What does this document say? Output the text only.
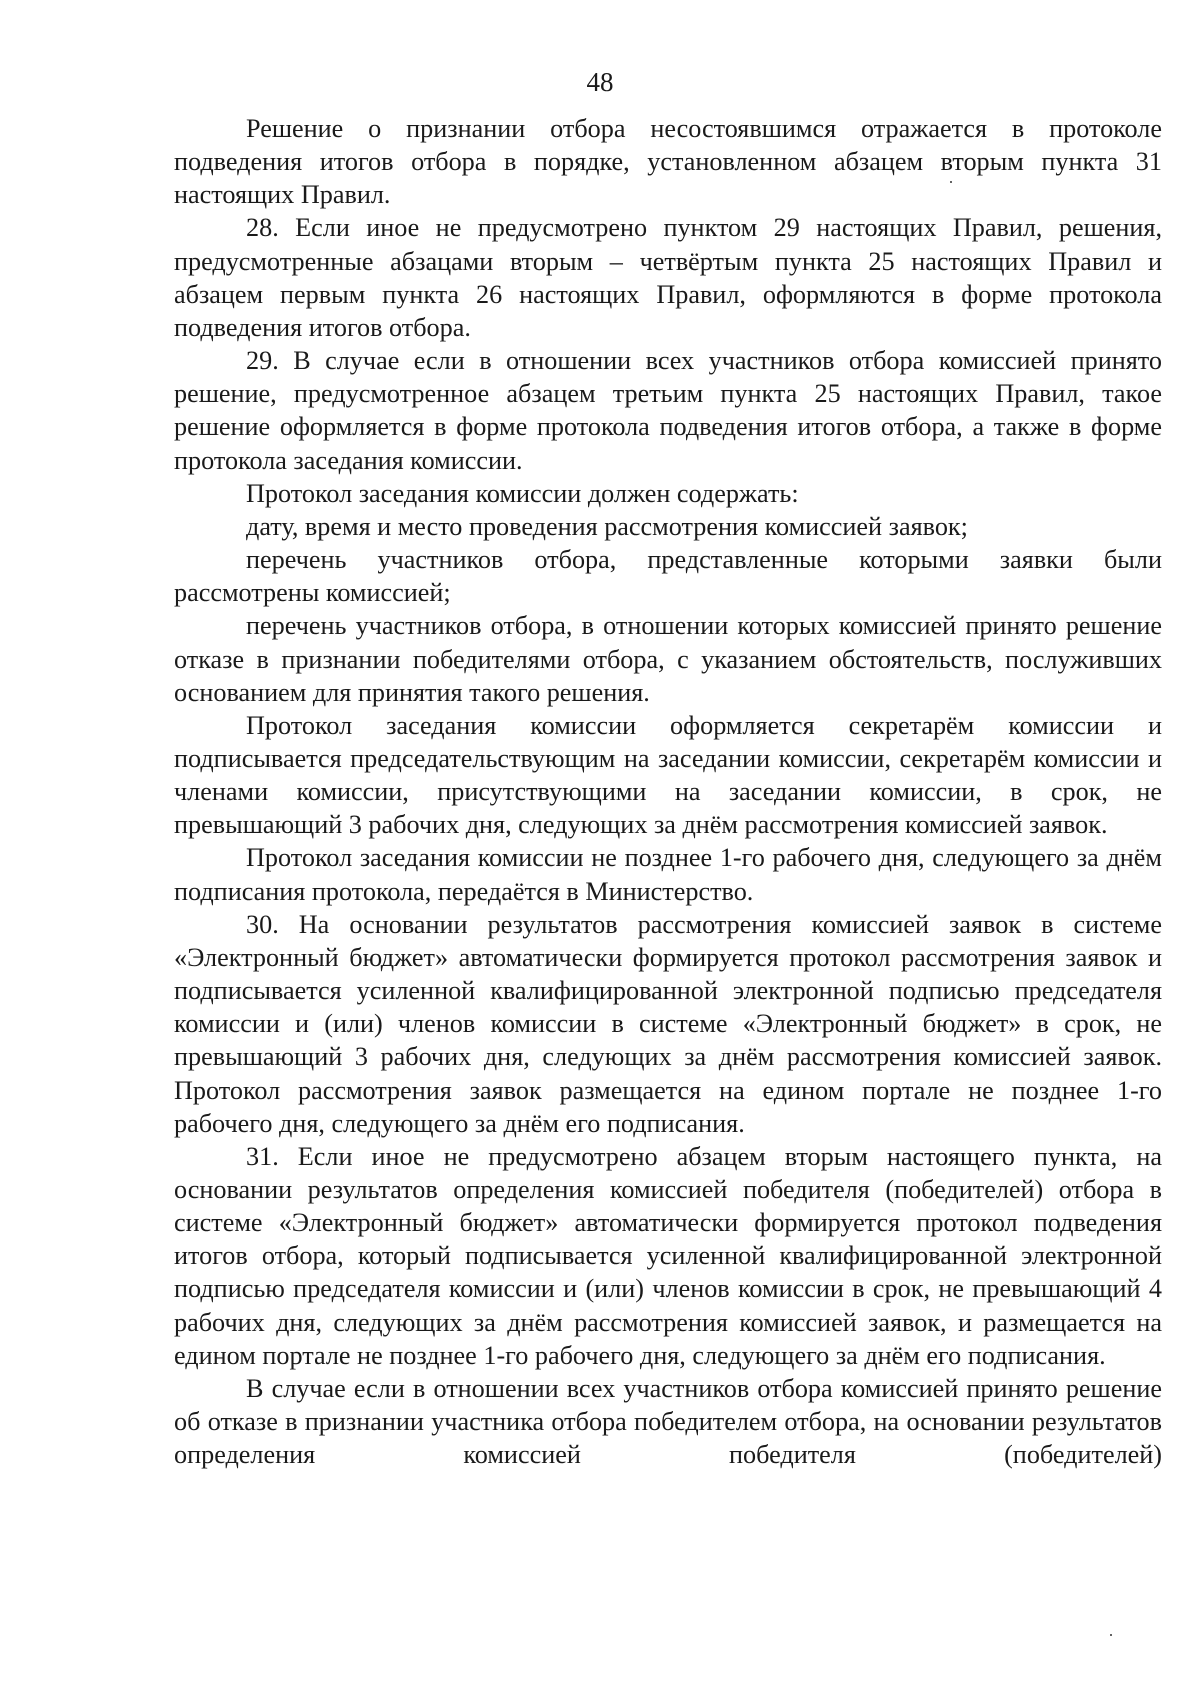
48

Решение о признании отбора несостоявшимся отражается в протоколе подведения итогов отбора в порядке, установленном абзацем вторым пункта 31 настоящих Правил.

28. Если иное не предусмотрено пунктом 29 настоящих Правил, решения, предусмотренные абзацами вторым – четвёртым пункта 25 настоящих Правил и абзацем первым пункта 26 настоящих Правил, оформляются в форме протокола подведения итогов отбора.

29. В случае если в отношении всех участников отбора комиссией принято решение, предусмотренное абзацем третьим пункта 25 настоящих Правил, такое решение оформляется в форме протокола подведения итогов отбора, а также в форме протокола заседания комиссии.

Протокол заседания комиссии должен содержать:

дату, время и место проведения рассмотрения комиссией заявок;

перечень участников отбора, представленные которыми заявки были рассмотрены комиссией;

перечень участников отбора, в отношении которых комиссией принято решение отказе в признании победителями отбора, с указанием обстоятельств, послуживших основанием для принятия такого решения.

Протокол заседания комиссии оформляется секретарём комиссии и подписывается председательствующим на заседании комиссии, секретарём комиссии и членами комиссии, присутствующими на заседании комиссии, в срок, не превышающий 3 рабочих дня, следующих за днём рассмотрения комиссией заявок.

Протокол заседания комиссии не позднее 1-го рабочего дня, следующего за днём подписания протокола, передаётся в Министерство.

30. На основании результатов рассмотрения комиссией заявок в системе «Электронный бюджет» автоматически формируется протокол рассмотрения заявок и подписывается усиленной квалифицированной электронной подписью председателя комиссии и (или) членов комиссии в системе «Электронный бюджет» в срок, не превышающий 3 рабочих дня, следующих за днём рассмотрения комиссией заявок. Протокол рассмотрения заявок размещается на едином портале не позднее 1-го рабочего дня, следующего за днём его подписания.

31. Если иное не предусмотрено абзацем вторым настоящего пункта, на основании результатов определения комиссией победителя (победителей) отбора в системе «Электронный бюджет» автоматически формируется протокол подведения итогов отбора, который подписывается усиленной квалифицированной электронной подписью председателя комиссии и (или) членов комиссии в срок, не превышающий 4 рабочих дня, следующих за днём рассмотрения комиссией заявок, и размещается на едином портале не позднее 1-го рабочего дня, следующего за днём его подписания.

В случае если в отношении всех участников отбора комиссией принято решение об отказе в признании участника отбора победителем отбора, на основании результатов определения комиссией победителя (победителей)
